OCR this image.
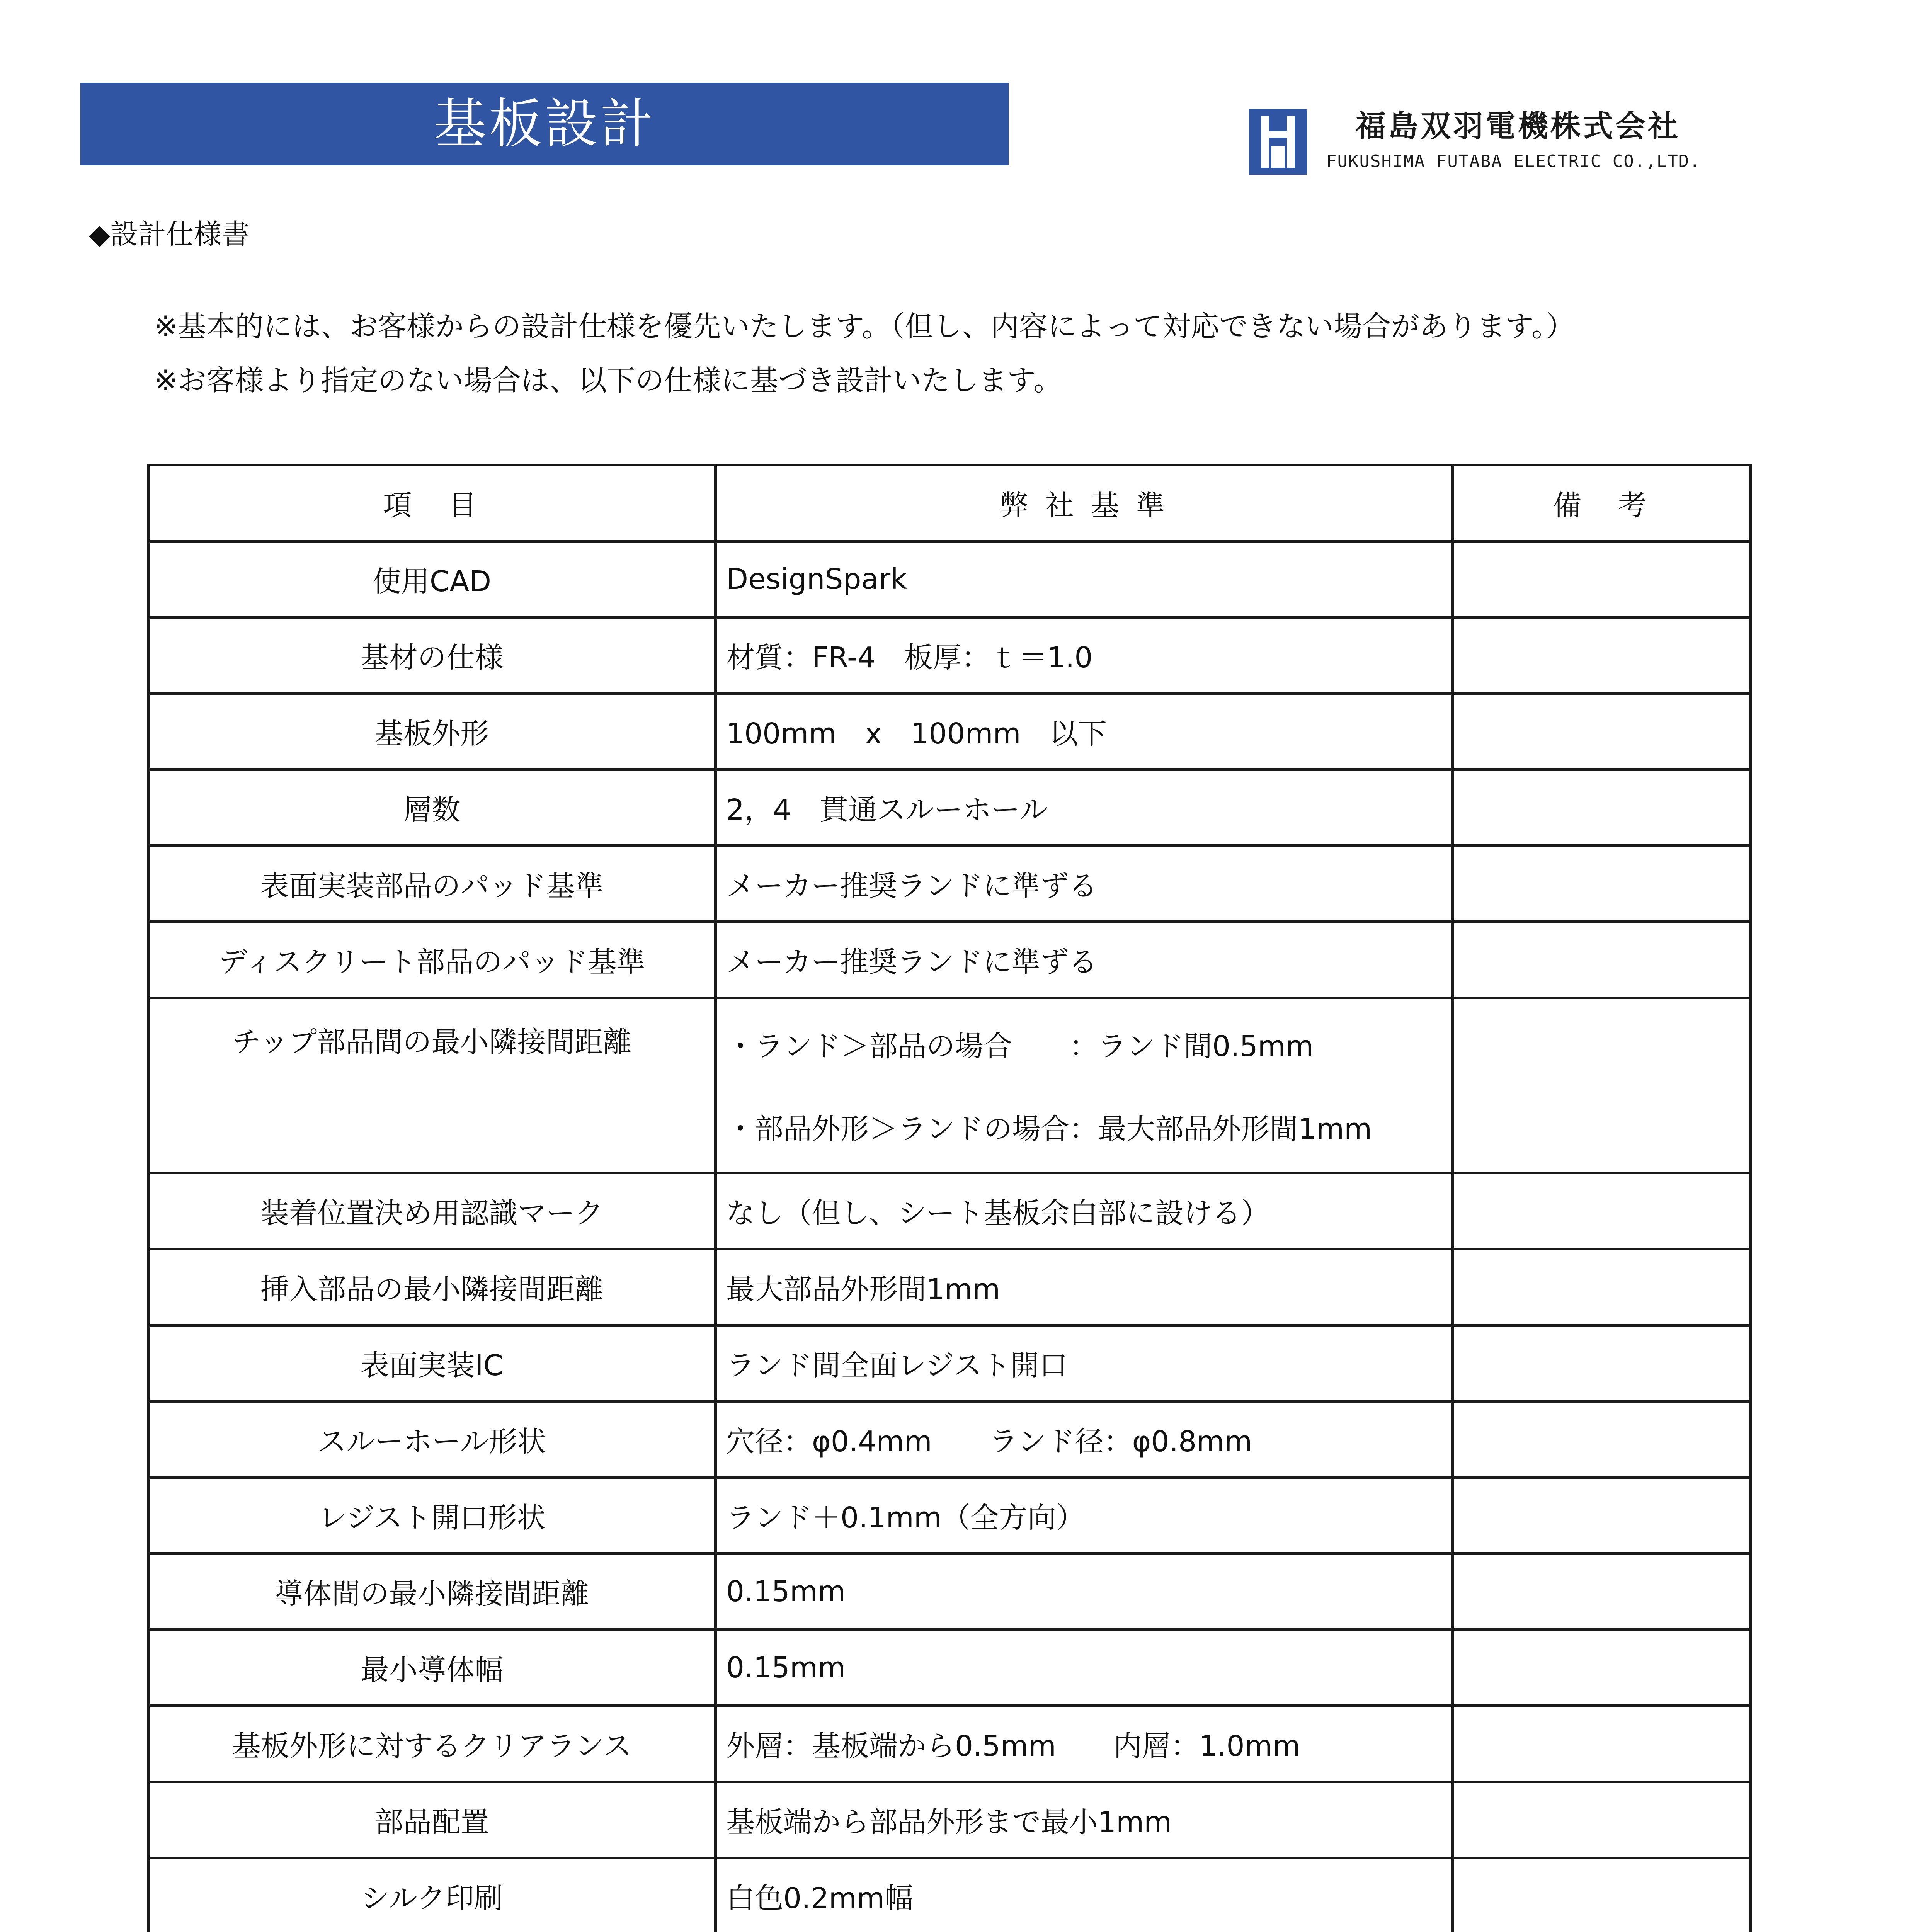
基板設計	福島双羽電機株式会社
FUKUSHIMA FUTABA ELECTRIC CO.,LTD.
◆設計仕様書
※基本的には、お客様からの設計仕様を優先いたします。（但し、内容によって対応できない場合があります。）
※お客様より指定のない場合は、以下の仕様に基づき設計いたします。
項　目	弊 社 基 準	備　考
使用CAD	DesignSpark	
基材の仕様	材質：FR-4　板厚：ｔ＝1.0	
基板外形	100mm　x　100mm　以下	
層数	2，4　貫通スルーホール	
表面実装部品のパッド基準	メーカー推奨ランドに準ずる	
ディスクリート部品のパッド基準	メーカー推奨ランドに準ずる	
チップ部品間の最小隣接間距離	・ランド＞部品の場合　　：ランド間0.5mm
・部品外形＞ランドの場合：最大部品外形間1mm	

装着位置決め用認識マーク	なし（但し、シート基板余白部に設ける）	
挿入部品の最小隣接間距離	最大部品外形間1mm	
表面実装IC	ランド間全面レジスト開口	
スルーホール形状	穴径：φ0.4mm　　ランド径：φ0.8mm	
レジスト開口形状	ランド＋0.1mm（全方向）	
導体間の最小隣接間距離	0.15mm	
最小導体幅	0.15mm	
基板外形に対するクリアランス	外層：基板端から0.5mm　　内層：1.0mm	
部品配置	基板端から部品外形まで最小1mm	
シルク印刷	白色0.2mm幅	
